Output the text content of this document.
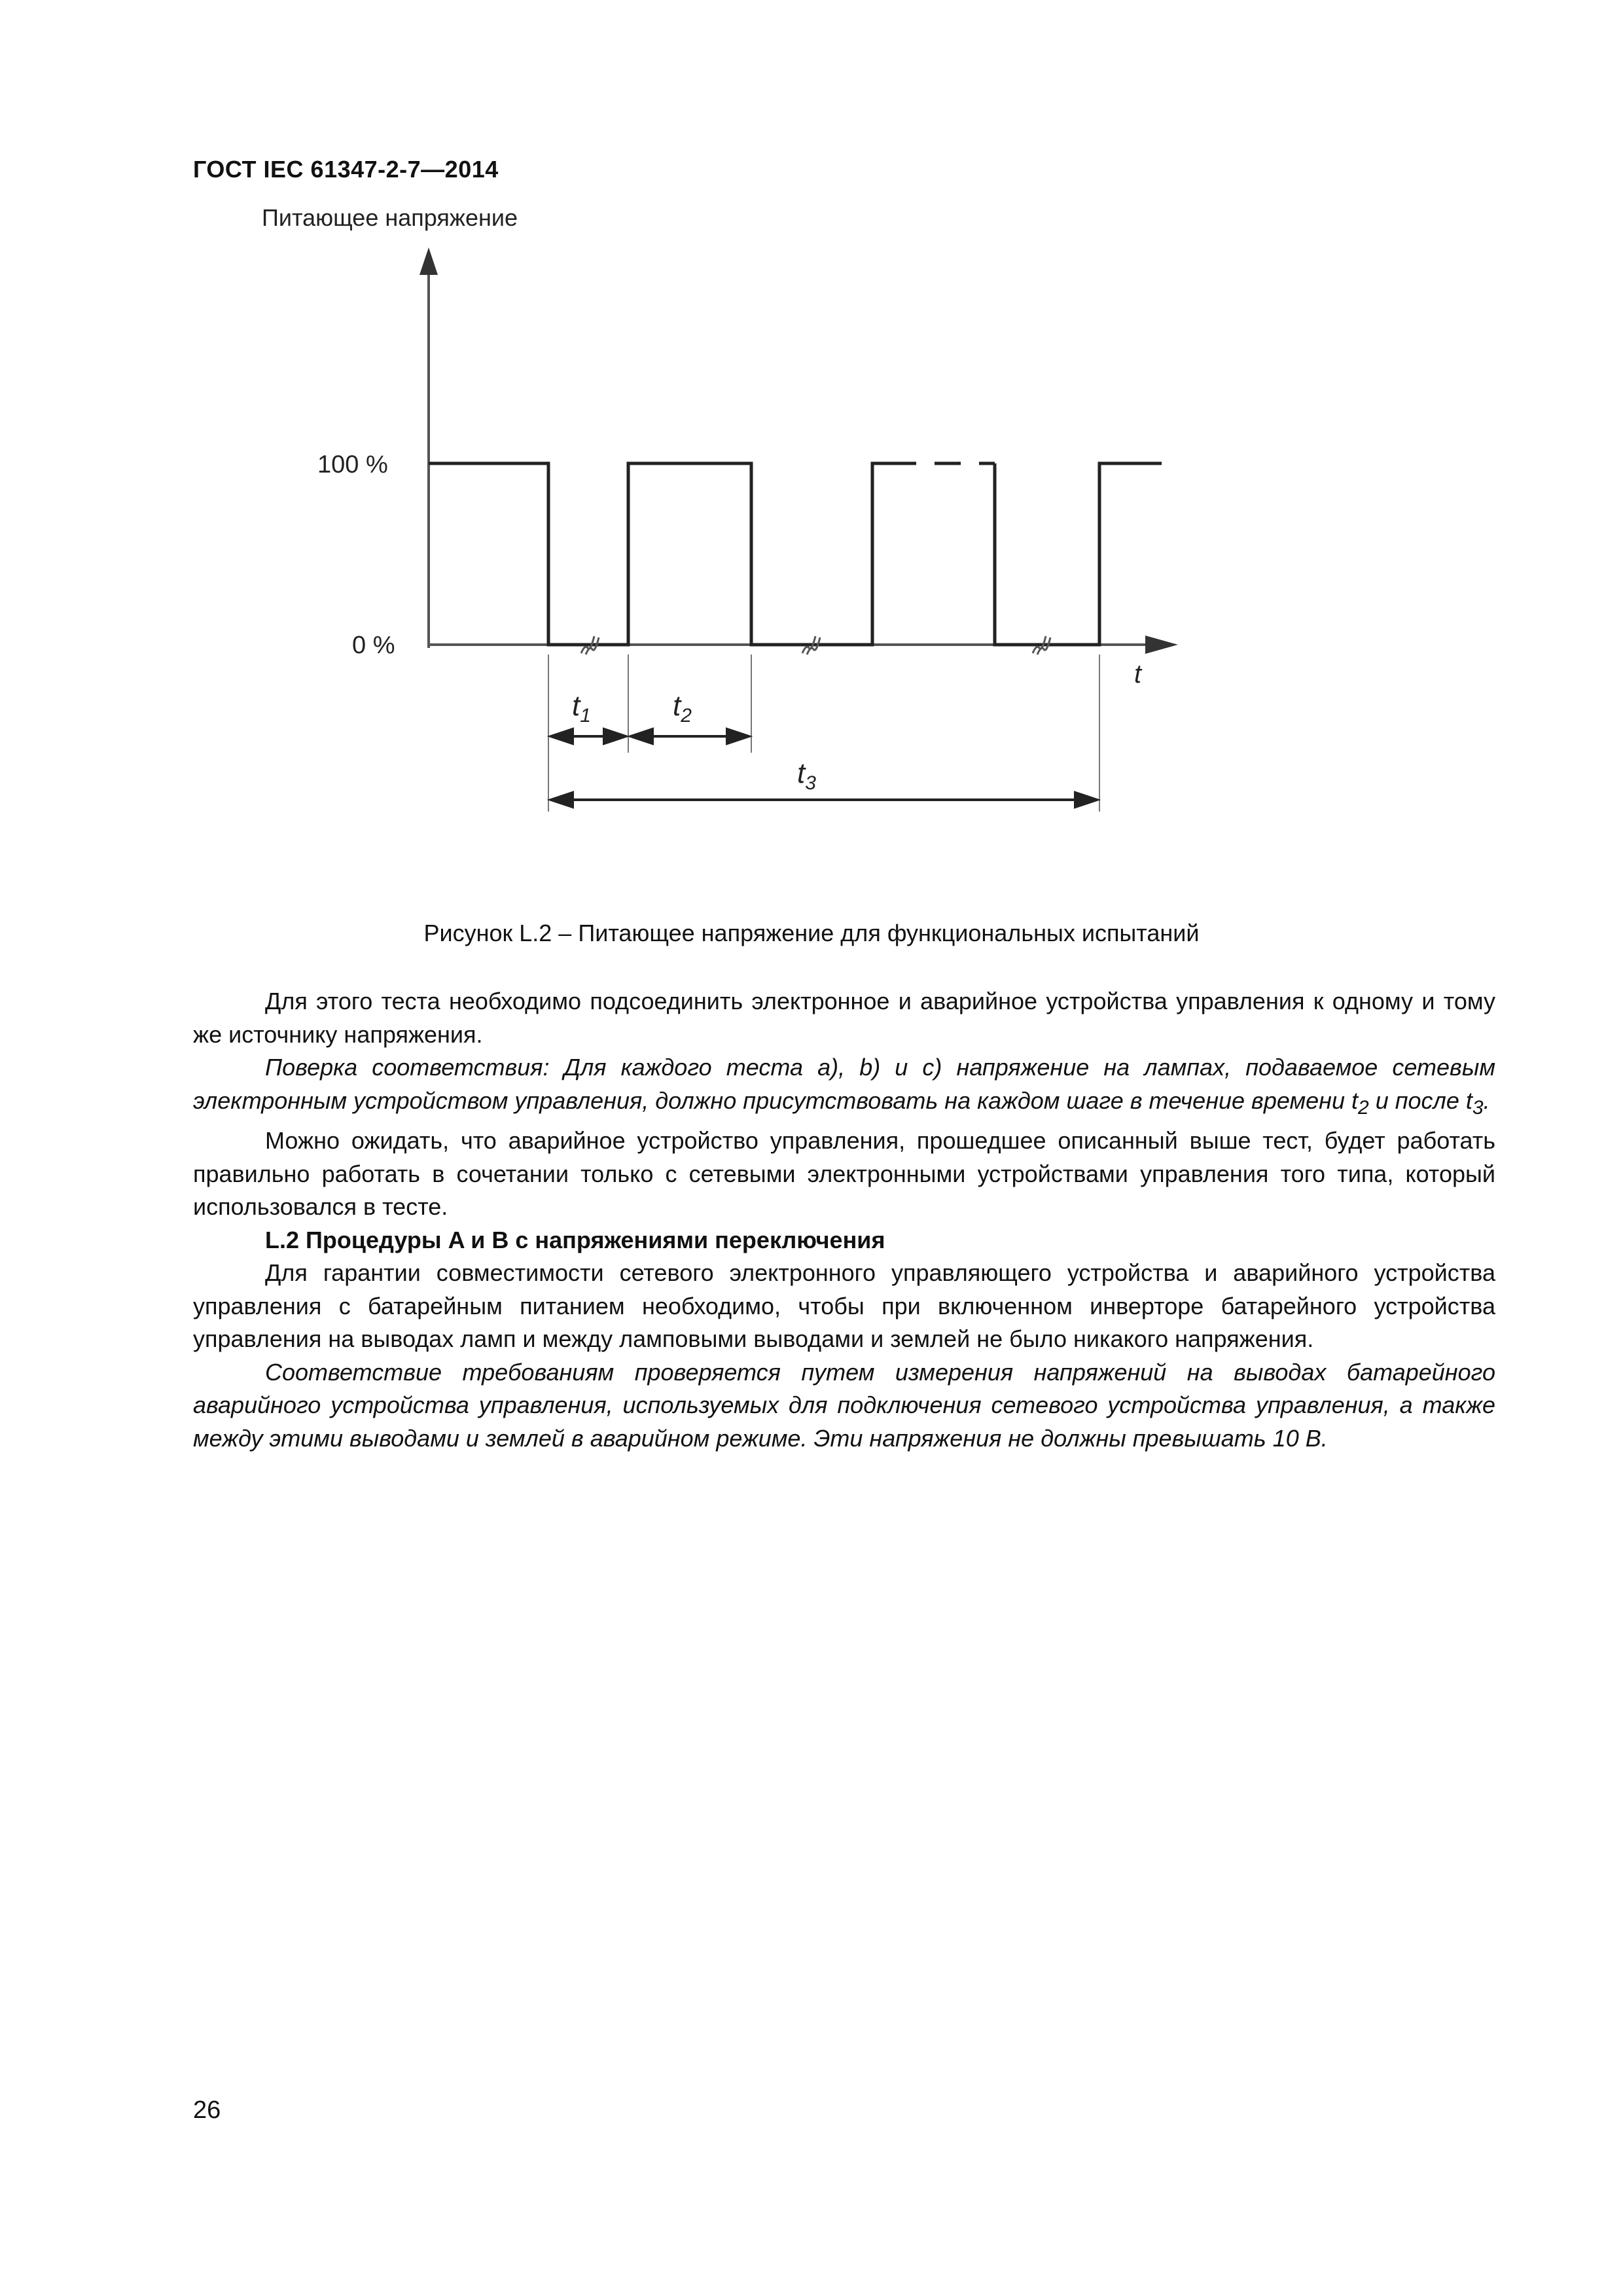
ГОСТ IEC 61347-2-7—2014
Питающее напряжение
100 %
0 %
t
$t_1$	$t_2$
$t_3$
Рисунок L.2 – Питающее напряжение для функциональных испытаний

Для этого теста необходимо подсоединить электронное и аварийное устройства управления к одному и тому же источнику напряжения.

Поверка соответствия: Для каждого теста a), b) и c) напряжение на лампах, подаваемое сетевым электронным устройством управления, должно присутствовать на каждом шаге в течение времени $t_2$ и после $t_3$.

Можно ожидать, что аварийное устройство управления, прошедшее описанный выше тест, будет работать правильно работать в сочетании только с сетевыми электронными устройствами управления того типа, который использовался в тесте.

L.2 Процедуры A и B с напряжениями переключения

Для гарантии совместимости сетевого электронного управляющего устройства и аварийного устройства управления с батарейным питанием необходимо, чтобы при включенном инверторе батарейного устройства управления на выводах ламп и между ламповыми выводами и землей не было никакого напряжения.

Соответствие требованиям проверяется путем измерения напряжений на выводах батарейного аварийного устройства управления, используемых для подключения сетевого устройства управления, а также между этими выводами и землей в аварийном режиме. Эти напряжения не должны превышать 10 В.

26
